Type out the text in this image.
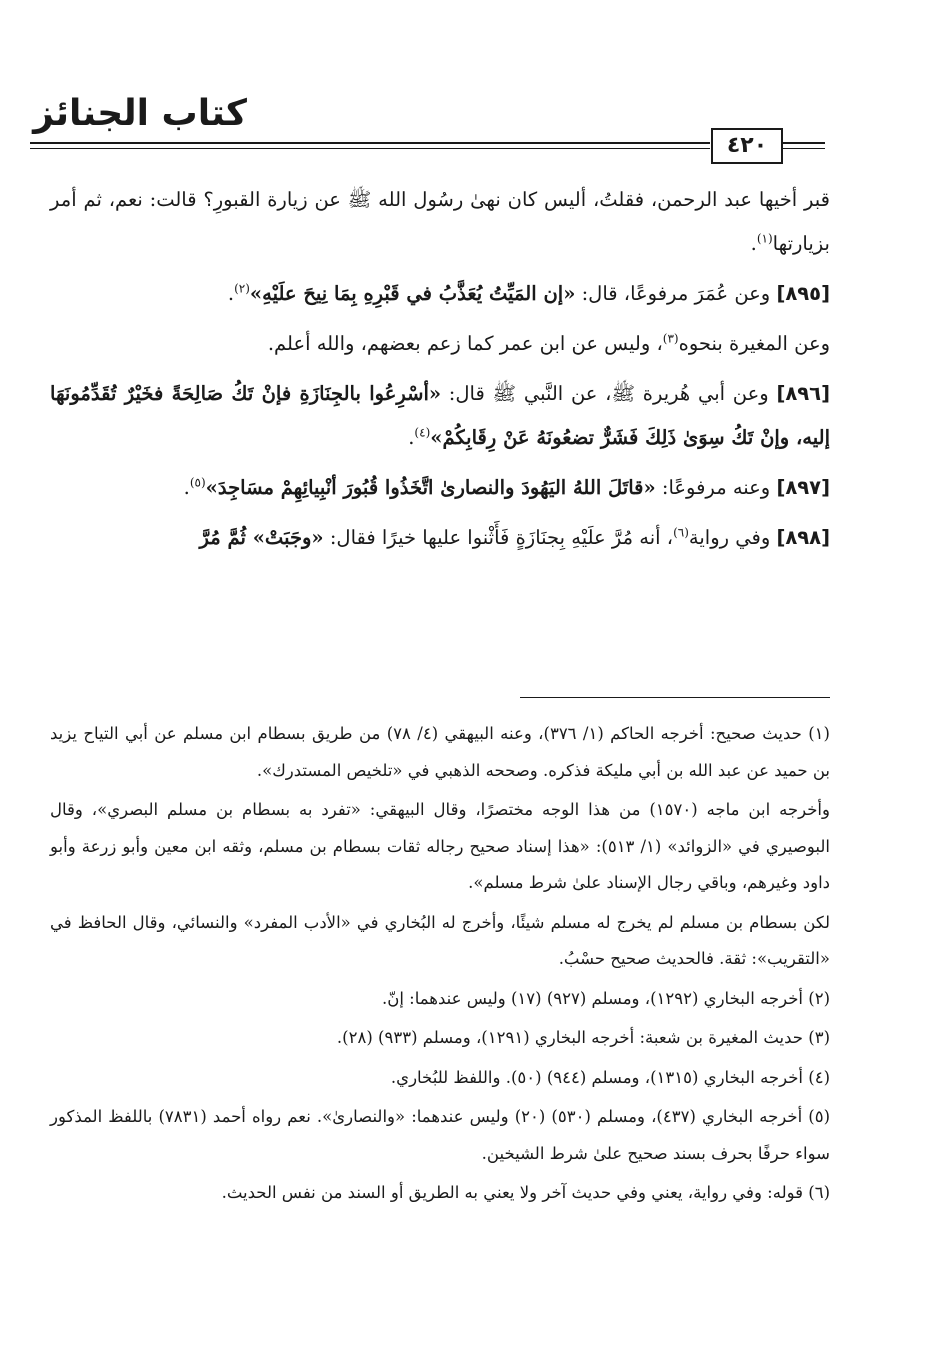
كتاب الجنائز
٤٢٠

قبر أخيها عبد الرحمن، فقلتُ، أليس كان نهىٰ رسُول الله ﷺ عن زيارة القبورِ؟ قالت: نعم، ثم أمر بزيارتها$^{(١)}$.

[٨٩٥] وعن عُمَرَ مرفوعًا، قال: «إن المَيِّتُ يُعَذَّبُ في قَبْرِهِ بِمَا نِيحَ علَيْهِ»$^{(٢)}$.

وعن المغيرة بنحوه$^{(٣)}$، وليس عن ابن عمر كما زعم بعضهم، والله أعلم.

[٨٩٦] وعن أبي هُريرة ﷺ، عن النَّبي ﷺ قال: «أسْرِعُوا بالجِنَازَةِ فإنْ تَكُ صَالِحَةً فخَيْرٌ تُقَدِّمُونَهَا إليه، وإنْ تَكُ سِوَىٰ ذَلِكَ فَشَرٌّ تضعُونَهُ عَنْ رِقَابِكُمْ»$^{(٤)}$.

[٨٩٧] وعنه مرفوعًا: «قاتَلَ اللهُ اليَهُودَ والنصارىٰ اتَّخَذُوا قُبُورَ أنْبِيائِهِمْ مسَاجِدَ»$^{(٥)}$.

[٨٩٨] وفي رواية$^{(٦)}$، أنه مُرَّ علَيْهِ بِجنَازَةٍ فَأَثْنوا عليها خيرًا فقال: «وجَبَتْ» ثُمَّ مُرَّ

(١) حديث صحيح: أخرجه الحاكم (١/ ٣٧٦)، وعنه البيهقي (٤/ ٧٨) من طريق بسطام ابن مسلم عن أبي التياح يزيد بن حميد عن عبد الله بن أبي مليكة فذكره. وصححه الذهبي في «تلخيص المستدرك».

وأخرجه ابن ماجه (١٥٧٠) من هذا الوجه مختصرًا، وقال البيهقي: «تفرد به بسطام بن مسلم البصري»، وقال البوصيري في «الزوائد» (١/ ٥١٣): «هذا إسناد صحيح رجاله ثقات بسطام بن مسلم، وثقه ابن معين وأبو زرعة وأبو داود وغيرهم، وباقي رجال الإسناد علىٰ شرط مسلم».

لكن بسطام بن مسلم لم يخرج له مسلم شيئًا، وأخرج له البُخاري في «الأدب المفرد» والنسائي، وقال الحافظ في «التقريب»: ثقة. فالحديث صحيح حسْبُ.

(٢) أخرجه البخاري (١٢٩٢)، ومسلم (٩٢٧) (١٧) وليس عندهما: إنّ.

(٣) حديث المغيرة بن شعبة: أخرجه البخاري (١٢٩١)، ومسلم (٩٣٣) (٢٨).

(٤) أخرجه البخاري (١٣١٥)، ومسلم (٩٤٤) (٥٠). واللفظ للبُخاري.

(٥) أخرجه البخاري (٤٣٧)، ومسلم (٥٣٠) (٢٠) وليس عندهما: «والنصارىٰ». نعم رواه أحمد (٧٨٣١) باللفظ المذكور سواء حرفًا بحرف بسند صحيح علىٰ شرط الشيخين.

(٦) قوله: وفي رواية، يعني وفي حديث آخر ولا يعني به الطريق أو السند من نفس الحديث.
